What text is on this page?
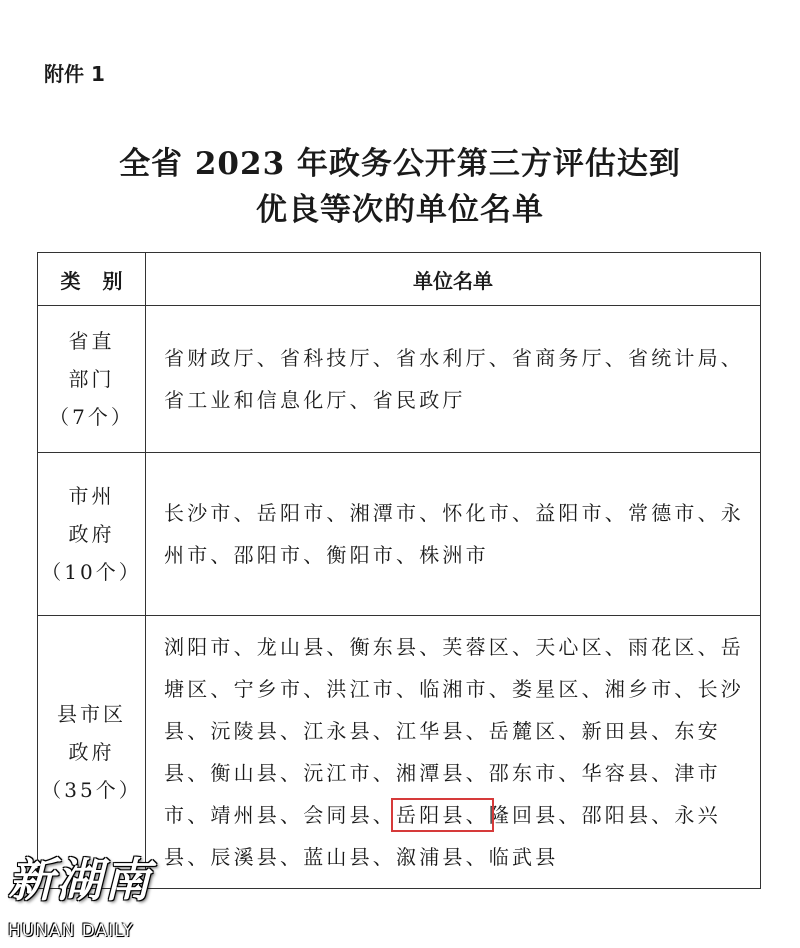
附件 1
全省 2023 年政务公开第三方评估达到
优良等次的单位名单
类别	单位名单

省直
部门
（7个）	省财政厅、省科技厅、省水利厅、省商务厅、省统计局、省工业和信息化厅、省民政厅

市州
政府
（10个）	长沙市、岳阳市、湘潭市、怀化市、益阳市、常德市、永州市、邵阳市、衡阳市、株洲市

县市区
政府
（35个）	浏阳市、龙山县、衡东县、芙蓉区、天心区、雨花区、岳塘区、宁乡市、洪江市、临湘市、娄星区、湘乡市、长沙县、沅陵县、江永县、江华县、岳麓区、新田县、东安县、衡山县、沅江市、湘潭县、邵东市、华容县、津市市、靖州县、会同县、岳阳县、隆回县、邵阳县、永兴县、辰溪县、蓝山县、溆浦县、临武县
新湖南
HUNAN DAILY
